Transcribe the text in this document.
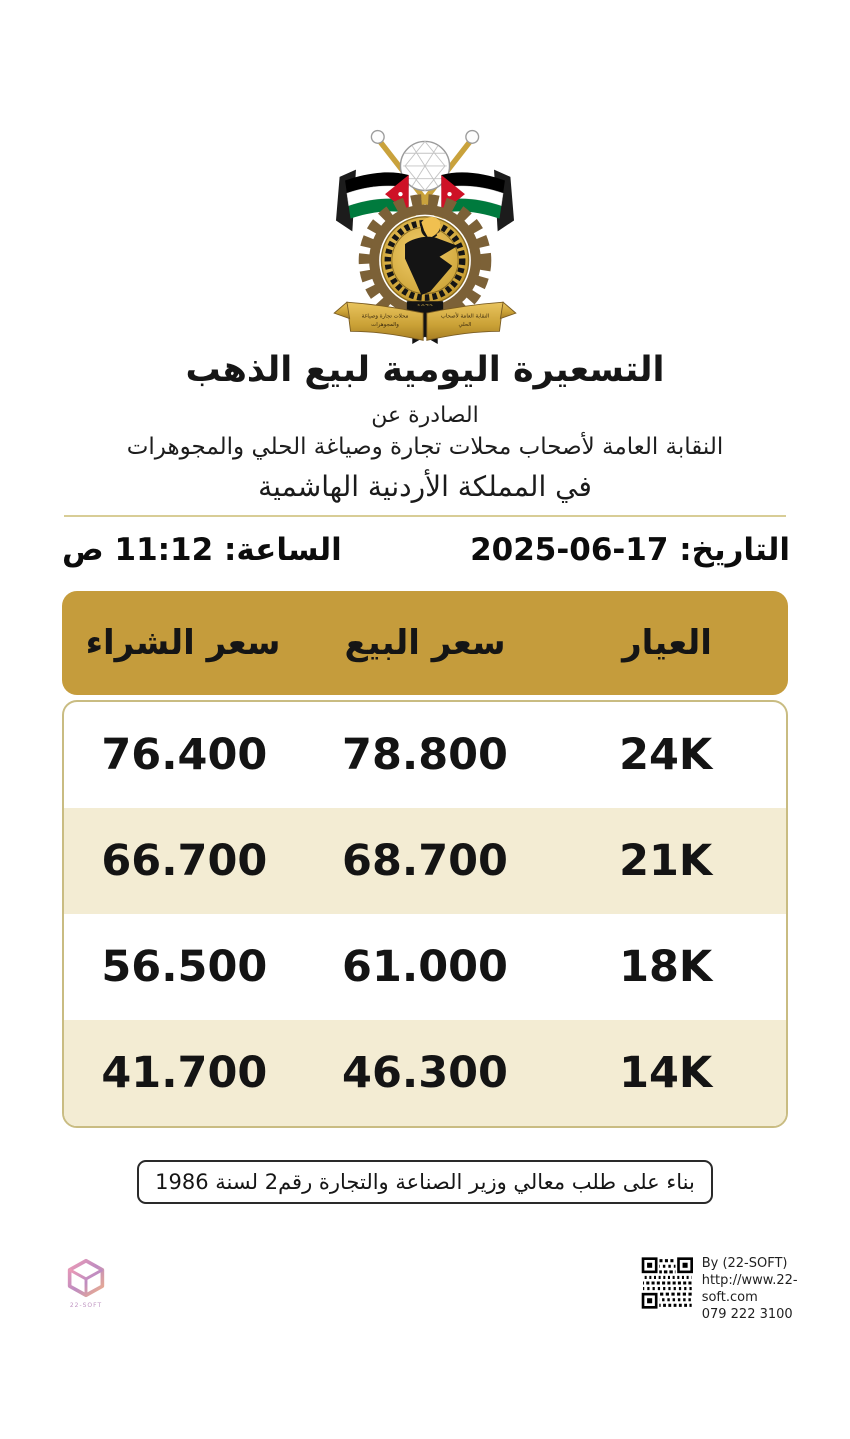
النقابة العامة لأصحاب
الحلي
محلات تجارة وصياغة
والمجوهرات
التسعيرة اليومية لبيع الذهب
الصادرة عن
النقابة العامة لأصحاب محلات تجارة وصياغة الحلي والمجوهرات
في المملكة الأردنية الهاشمية
التاريخ: 17-06-2025
الساعة: 11:12 ص
العيار
سعر البيع
سعر الشراء
24K
78.800
76.400
21K
68.700
66.700
18K
61.000
56.500
14K
46.300
41.700
بناء على طلب معالي وزير الصناعة والتجارة رقم2 لسنة 1986
22-SOFT
By (22-SOFT)
http://www.22-soft.com
079 222 3100
